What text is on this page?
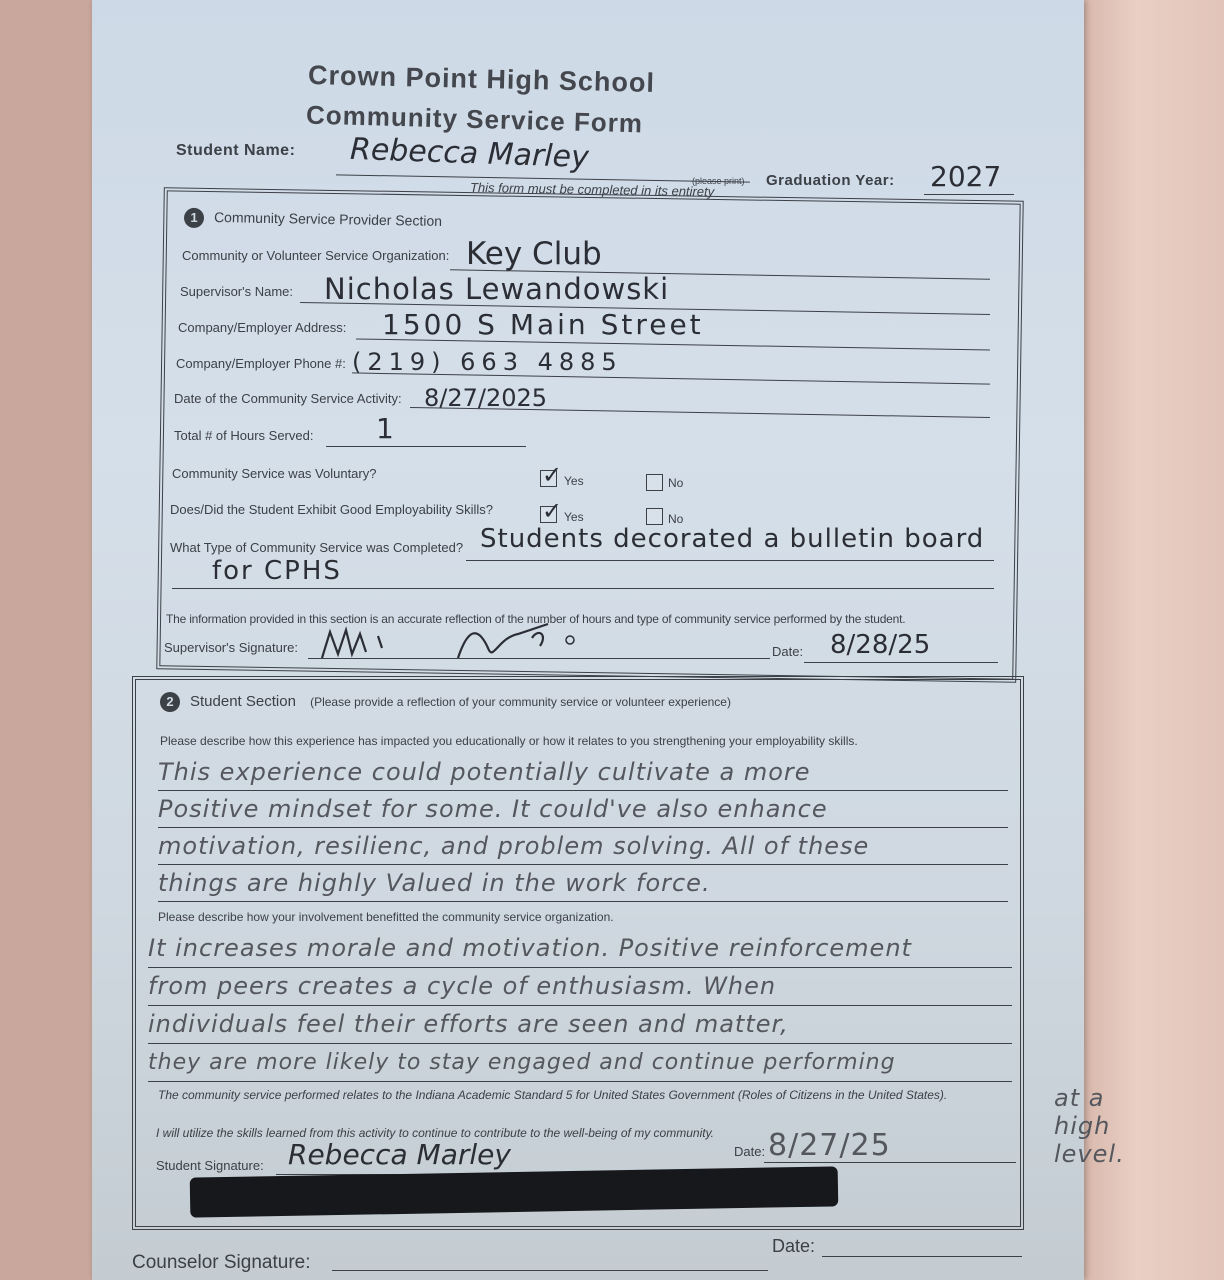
Crown Point High School
Community Service Form
Student Name: Rebecca Marley
(please print) Graduation Year: 2027
This form must be completed in its entirety
1 Community Service Provider Section
Community or Volunteer Service Organization: Key Club
Supervisor's Name: Nicholas Lewandowski
Company/Employer Address: 1500 S Main Street
Company/Employer Phone #: (219) 663 4885
Date of the Community Service Activity: 8/27/2025
Total # of Hours Served: 1
Community Service was Voluntary? ✓	Yes	No
Does/Did the Student Exhibit Good Employability Skills? ✓	Yes	No
What Type of Community Service was Completed? Students decorated a bulletin board
for CPHS
The information provided in this section is an accurate reflection of the number of hours and type of community service performed by the student.
Supervisor's Signature:	Date: 8/28/25
2 Student Section (Please provide a reflection of your community service or volunteer experience)
Please describe how this experience has impacted you educationally or how it relates to you strengthening your employability skills.
This experience could potentially cultivate a more
Positive mindset for some. It could've also enhance
motivation, resilienc, and problem solving. All of these
things are highly Valued in the work force.
Please describe how your involvement benefitted the community service organization.
It increases morale and motivation. Positive reinforcement
from peers creates a cycle of enthusiasm. When
individuals feel their efforts are seen and matter,
they are more likely to stay engaged and continue performing
at a high level.
The community service performed relates to the Indiana Academic Standard 5 for United States Government (Roles of Citizens in the United States).
I will utilize the skills learned from this activity to continue to contribute to the well-being of my community.
Student Signature: Rebecca Marley	Date: 8/27/25
Counselor Signature:
Date:
